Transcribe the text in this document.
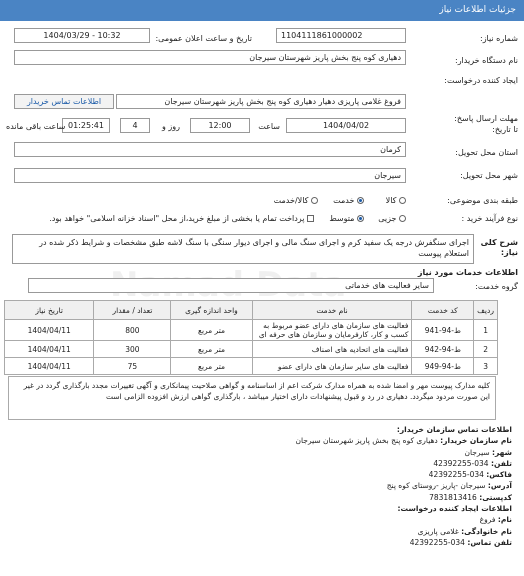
جزئیات اطلاعات نیاز
شماره نیاز:
1104111861000002
تاریخ و ساعت اعلان عمومی:
1404/03/29 - 10:32
نام دستگاه خریدار:
دهیاری کوه پنج بخش پاریز شهرستان سیرجان
ایجاد کننده درخواست:
فروغ غلامی پاریزی دهیار دهیاری کوه پنج بخش پاریز شهرستان سیرجان
اطلاعات تماس خریدار
مهلت ارسال پاسخ:
تا تاریخ:
1404/04/02
ساعت
12:00
روز و
4
01:25:41
ساعت باقی مانده
استان محل تحویل:
کرمان
شهر محل تحویل:
سیرجان
طبقه بندی موضوعی:
کالا
خدمت
کالا/خدمت
نوع فرآیند خرید :
جزیی
متوسط
پرداخت تمام یا بخشی از مبلغ خرید،از محل "اسناد خزانه اسلامی" خواهد بود.
شرح کلی نیاز:
اجرای سنگفرش درجه یک سفید کرم و اجرای سنگ مالی و اجرای دیوار سنگی با سنگ لاشه طبق مشخصات و شرایط ذکر شده در استعلام پیوست
اطلاعات خدمات مورد نیاز
گروه خدمت:
سایر فعالیت های خدماتی
ردیف	کد خدمت	نام خدمت	واحد اندازه گیری	تعداد / مقدار	تاریخ نیاز
1	ط-94-941	فعالیت های سازمان های دارای عضو مربوط به کسب و کار، کارفرمایان و سازمان های حرفه ای	متر مربع	800	1404/04/11
2	ط-94-942	فعالیت های اتحادیه های اصناف	متر مربع	300	1404/04/11
3	ط-94-949	فعالیت های سایر سازمان های دارای عضو	متر مربع	75	1404/04/11
کلیه مدارک پیوست مهر و امضا شده به همراه مدارک شرکت اعم از اساسنامه و گواهی صلاحیت پیمانکاری و آگهی تغییرات مجدد بارگذاری گردد در غیر این صورت مردود میگردد. دهیاری در رد و قبول پیشنهادات دارای اختیار میباشد ، بارگذاری گواهی ارزش افزوده الزامی است
اطلاعات تماس سازمان خریدار:
نام سازمان خریدار: دهیاری کوه پنج بخش پاریز شهرستان سیرجان
شهر: سیرجان
تلفن: 034-42392255
فاکس: 034-42392255
آدرس: سیرجان -پاریز -روستای کوه پنج
کدپستی: 7831813416
اطلاعات ایجاد کننده درخواست:
نام: فروغ
نام خانوادگی: غلامی پاریزی
تلفن تماس: 034-42392255
